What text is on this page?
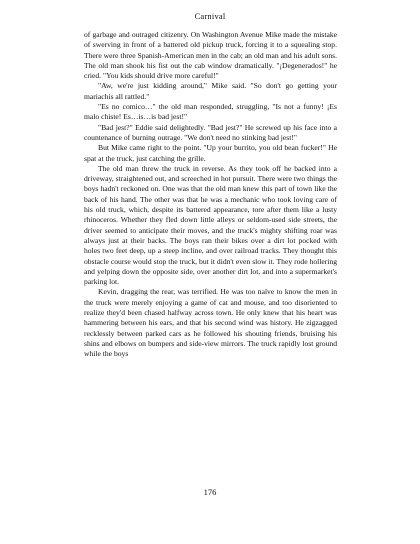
Carnival

of garbage and outraged citizenry. On Washington Avenue Mike made the mistake of swerving in front of a battered old pickup truck, forcing it to a squealing stop. There were three Spanish-American men in the cab; an old man and his adult sons. The old man shook his fist out the cab window dramatically. "¡Degenerados!" he cried. "You kids should drive more careful!"

"Aw, we're just kidding around," Mike said. "So don't go getting your mariachis all rattled."

"Es no comico…" the old man responded, struggling, "Is not a funny! ¡Es malo chiste! Es…is…is bad jest!"

"Bad jest?" Eddie said delightedly. "Bad jest?" He screwed up his face into a countenance of burning outrage. "We don't need no stinking bad jest!"

But Mike came right to the point. "Up your burrito, you old bean fucker!" He spat at the truck, just catching the grille.

The old man threw the truck in reverse. As they took off he backed into a driveway, straightened out, and screeched in hot pursuit. There were two things the boys hadn't reckoned on. One was that the old man knew this part of town like the back of his hand. The other was that he was a mechanic who took loving care of his old truck, which, despite its battered appearance, tore after them like a lusty rhinoceros. Whether they fled down little alleys or seldom-used side streets, the driver seemed to anticipate their moves, and the truck's mighty shifting roar was always just at their backs. The boys ran their bikes over a dirt lot pocked with holes two feet deep, up a steep incline, and over railroad tracks. They thought this obstacle course would stop the truck, but it didn't even slow it. They rode hollering and yelping down the opposite side, over another dirt lot, and into a supermarket's parking lot.

Kevin, dragging the rear, was terrified. He was too naïve to know the men in the truck were merely enjoying a game of cat and mouse, and too disoriented to realize they'd been chased halfway across town. He only knew that his heart was hammering between his ears, and that his second wind was history. He zigzagged recklessly between parked cars as he followed his shouting friends, bruising his shins and elbows on bumpers and side-view mirrors. The truck rapidly lost ground while the boys

176
